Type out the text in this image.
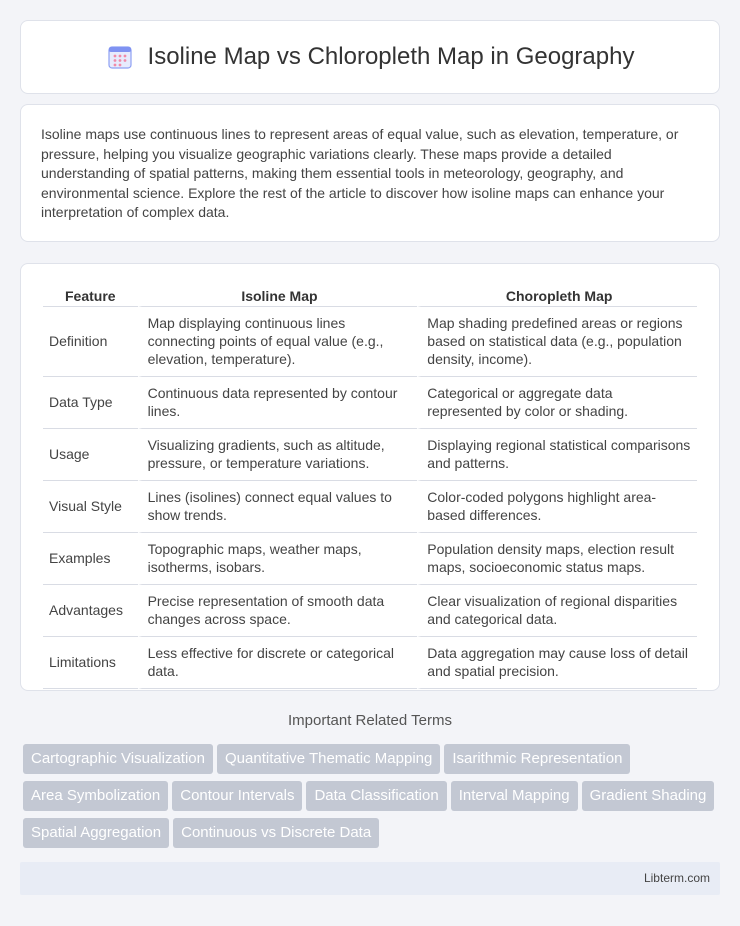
Isoline Map vs Chloropleth Map in Geography

Isoline maps use continuous lines to represent areas of equal value, such as elevation, temperature, or pressure, helping you visualize geographic variations clearly. These maps provide a detailed understanding of spatial patterns, making them essential tools in meteorology, geography, and environmental science. Explore the rest of the article to discover how isoline maps can enhance your interpretation of complex data.

Feature	Isoline Map	Choropleth Map
Definition	Map displaying continuous lines connecting points of equal value (e.g., elevation, temperature).	Map shading predefined areas or regions based on statistical data (e.g., population density, income).
Data Type	Continuous data represented by contour lines.	Categorical or aggregate data represented by color or shading.
Usage	Visualizing gradients, such as altitude, pressure, or temperature variations.	Displaying regional statistical comparisons and patterns.
Visual Style	Lines (isolines) connect equal values to show trends.	Color-coded polygons highlight area-based differences.
Examples	Topographic maps, weather maps, isotherms, isobars.	Population density maps, election result maps, socioeconomic status maps.
Advantages	Precise representation of smooth data changes across space.	Clear visualization of regional disparities and categorical data.
Limitations	Less effective for discrete or categorical data.	Data aggregation may cause loss of detail and spatial precision.
Important Related Terms
Cartographic Visualization Quantitative Thematic Mapping Isarithmic RepresentationArea Symbolization Contour Intervals Data Classification Interval Mapping Gradient ShadingSpatial Aggregation Continuous vs Discrete Data
Libterm.com
